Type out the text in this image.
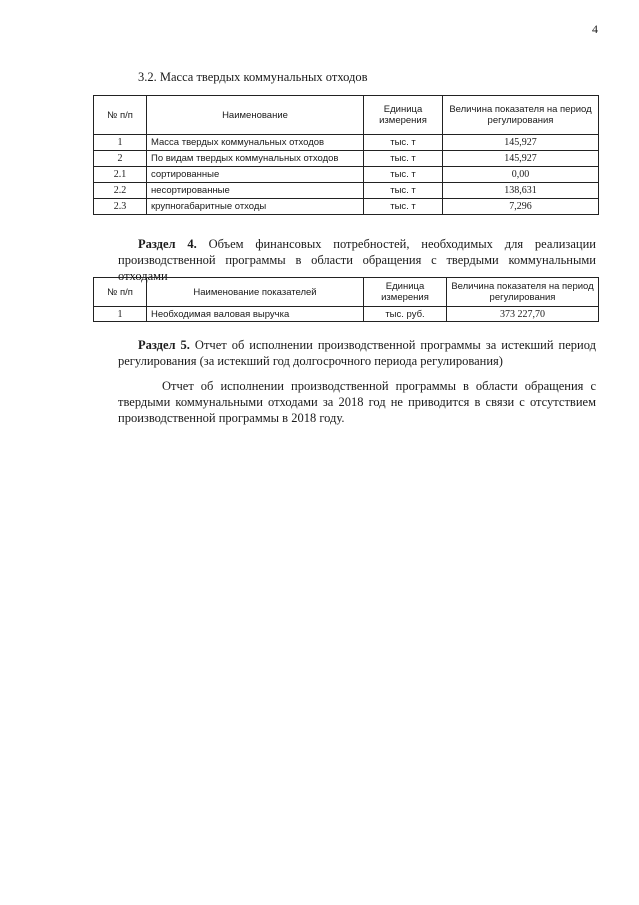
4
3.2. Масса твердых коммунальных отходов
№ п/п	Наименование	Единица измерения	Величина показателя на период регулирования
1	Масса твердых коммунальных отходов	тыс. т	145,927
2	По видам твердых коммунальных отходов	тыс. т	145,927
2.1	сортированные	тыс. т	0,00
2.2	несортированные	тыс. т	138,631
2.3	крупногабаритные отходы	тыс. т	7,296

Раздел 4. Объем финансовых потребностей, необходимых для реализации производственной программы в области обращения с твердыми коммунальными отходами

№ п/п	Наименование показателей	Единица измерения	Величина показателя на период регулирования
1	Необходимая валовая выручка	тыс. руб.	373 227,70

Раздел 5. Отчет об исполнении производственной программы за истекший период регулирования (за истекший год долгосрочного периода регулирования)

Отчет об исполнении производственной программы в области обращения с твердыми коммунальными отходами за 2018 год не приводится в связи с отсутствием производственной программы в 2018 году.
